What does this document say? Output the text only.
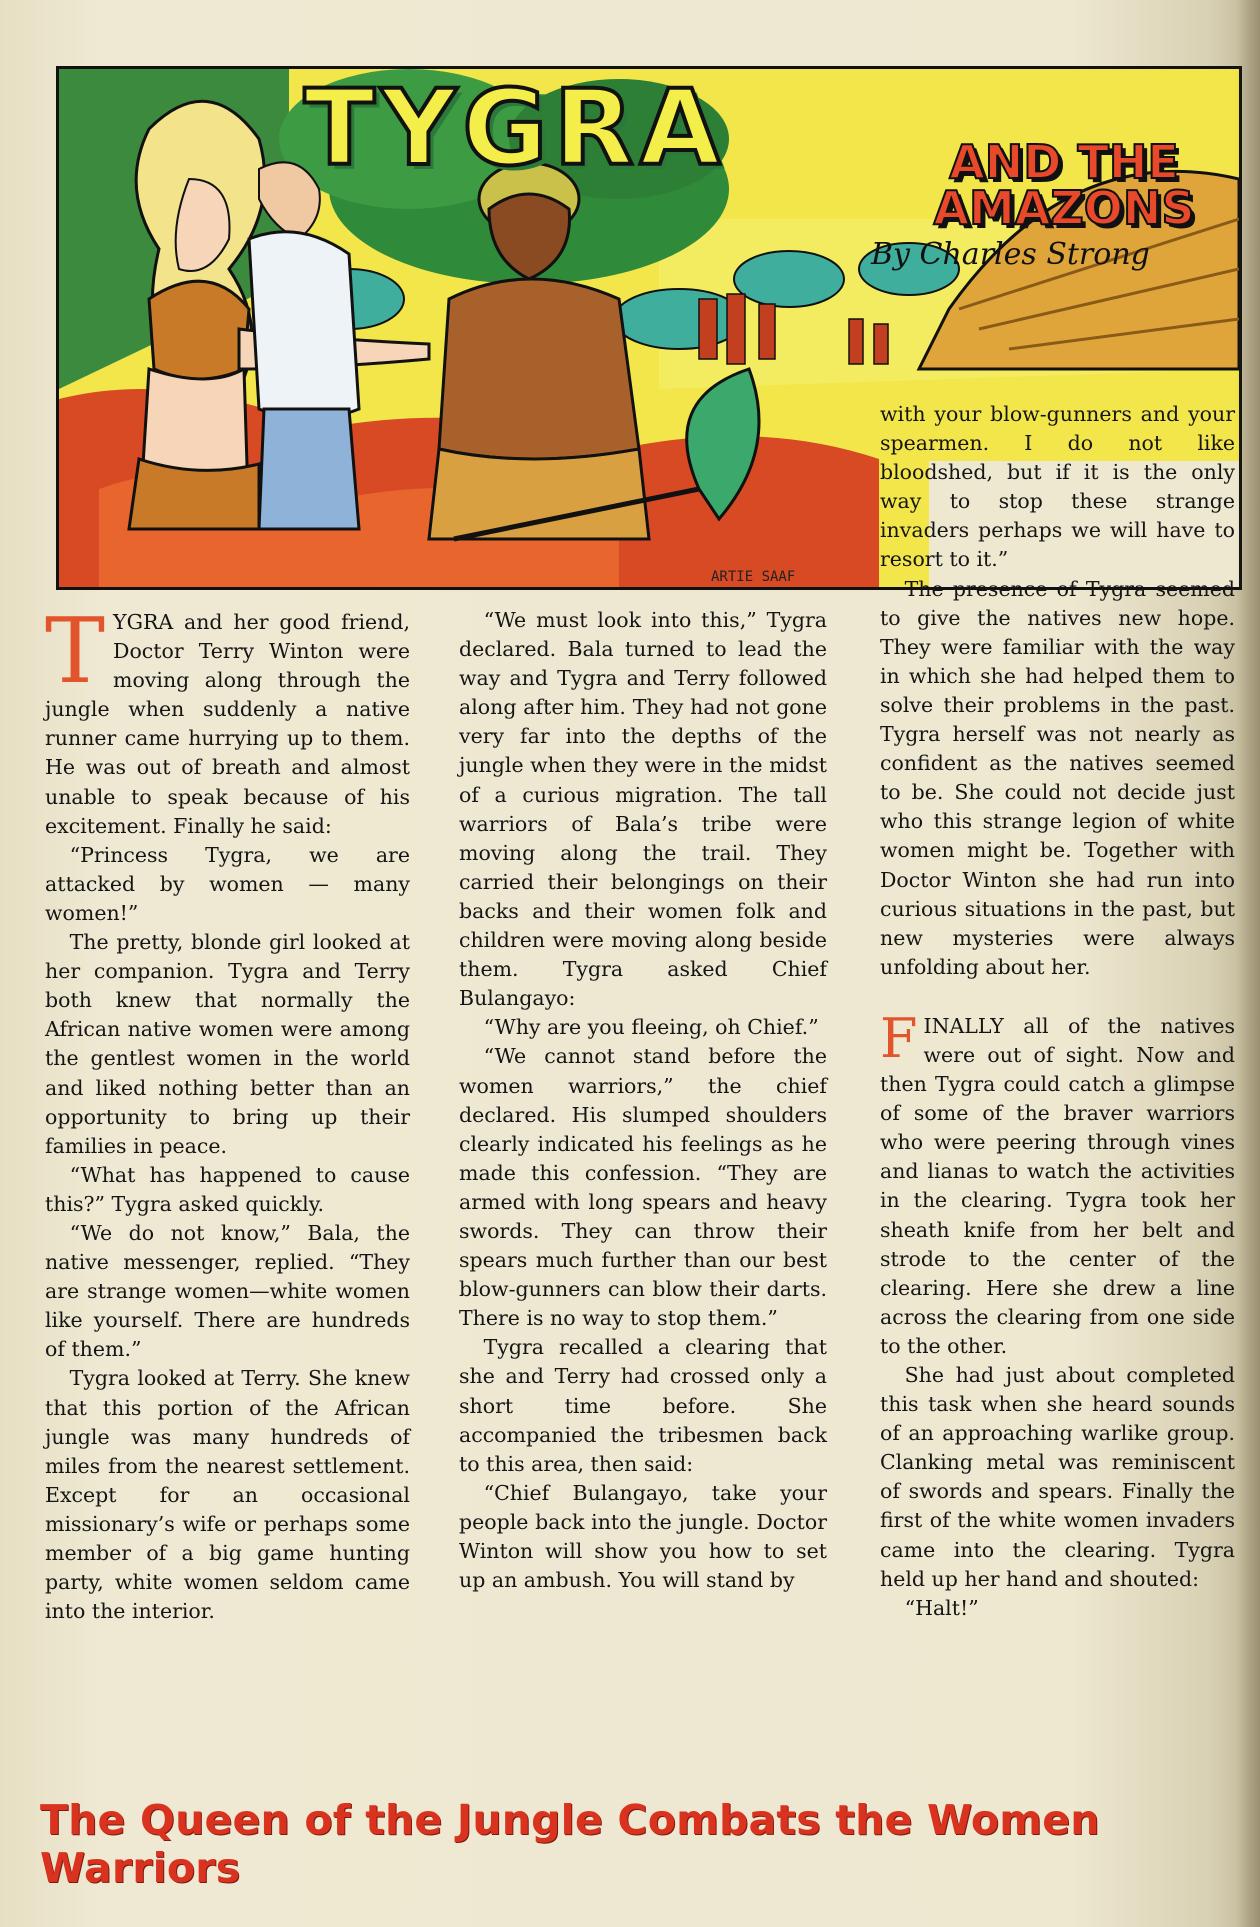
TYGRA	AND THE AMAZONS
By Charles Strong
ARTIE SAAF

TYGRA and her good friend, Doctor Terry Winton were moving along through the jungle when suddenly a native runner came hurrying up to them. He was out of breath and almost unable to speak because of his excitement. Finally he said:

“Princess Tygra, we are attacked by women — many women!”

The pretty, blonde girl looked at her companion. Tygra and Terry both knew that normally the African native women were among the gentlest women in the world and liked nothing better than an opportunity to bring up their families in peace.

“What has happened to cause this?” Tygra asked quickly.

“We do not know,” Bala, the native messenger, replied. “They are strange women—white women like yourself. There are hundreds of them.”

Tygra looked at Terry. She knew that this portion of the African jungle was many hundreds of miles from the nearest settlement. Except for an occasional missionary’s wife or perhaps some member of a big game hunting party, white women seldom came into the interior.

“We must look into this,” Tygra declared. Bala turned to lead the way and Tygra and Terry followed along after him. They had not gone very far into the depths of the jungle when they were in the midst of a curious migration. The tall warriors of Bala’s tribe were moving along the trail. They carried their belongings on their backs and their women folk and children were moving along beside them. Tygra asked Chief Bulangayo:

“Why are you fleeing, oh Chief.”

“We cannot stand before the women warriors,” the chief declared. His slumped shoulders clearly indicated his feelings as he made this confession. “They are armed with long spears and heavy swords. They can throw their spears much further than our best blow-gunners can blow their darts. There is no way to stop them.”

Tygra recalled a clearing that she and Terry had crossed only a short time before. She accompanied the tribesmen back to this area, then said:

“Chief Bulangayo, take your people back into the jungle. Doctor Winton will show you how to set up an ambush. You will stand by

with your blow-gunners and your spearmen. I do not like bloodshed, but if it is the only way to stop these strange invaders perhaps we will have to resort to it.”

The presence of Tygra seemed to give the natives new hope. They were familiar with the way in which she had helped them to solve their problems in the past. Tygra herself was not nearly as confident as the natives seemed to be. She could not decide just who this strange legion of white women might be. Together with Doctor Winton she had run into curious situations in the past, but new mysteries were always unfolding about her.

FINALLY all of the natives were out of sight. Now and then Tygra could catch a glimpse of some of the braver warriors who were peering through vines and lianas to watch the activities in the clearing. Tygra took her sheath knife from her belt and strode to the center of the clearing. Here she drew a line across the clearing from one side to the other.

She had just about completed this task when she heard sounds of an approaching warlike group. Clanking metal was reminiscent of swords and spears. Finally the first of the white women invaders came into the clearing. Tygra held up her hand and shouted:

“Halt!”

The Queen of the Jungle Combats the Women Warriors
